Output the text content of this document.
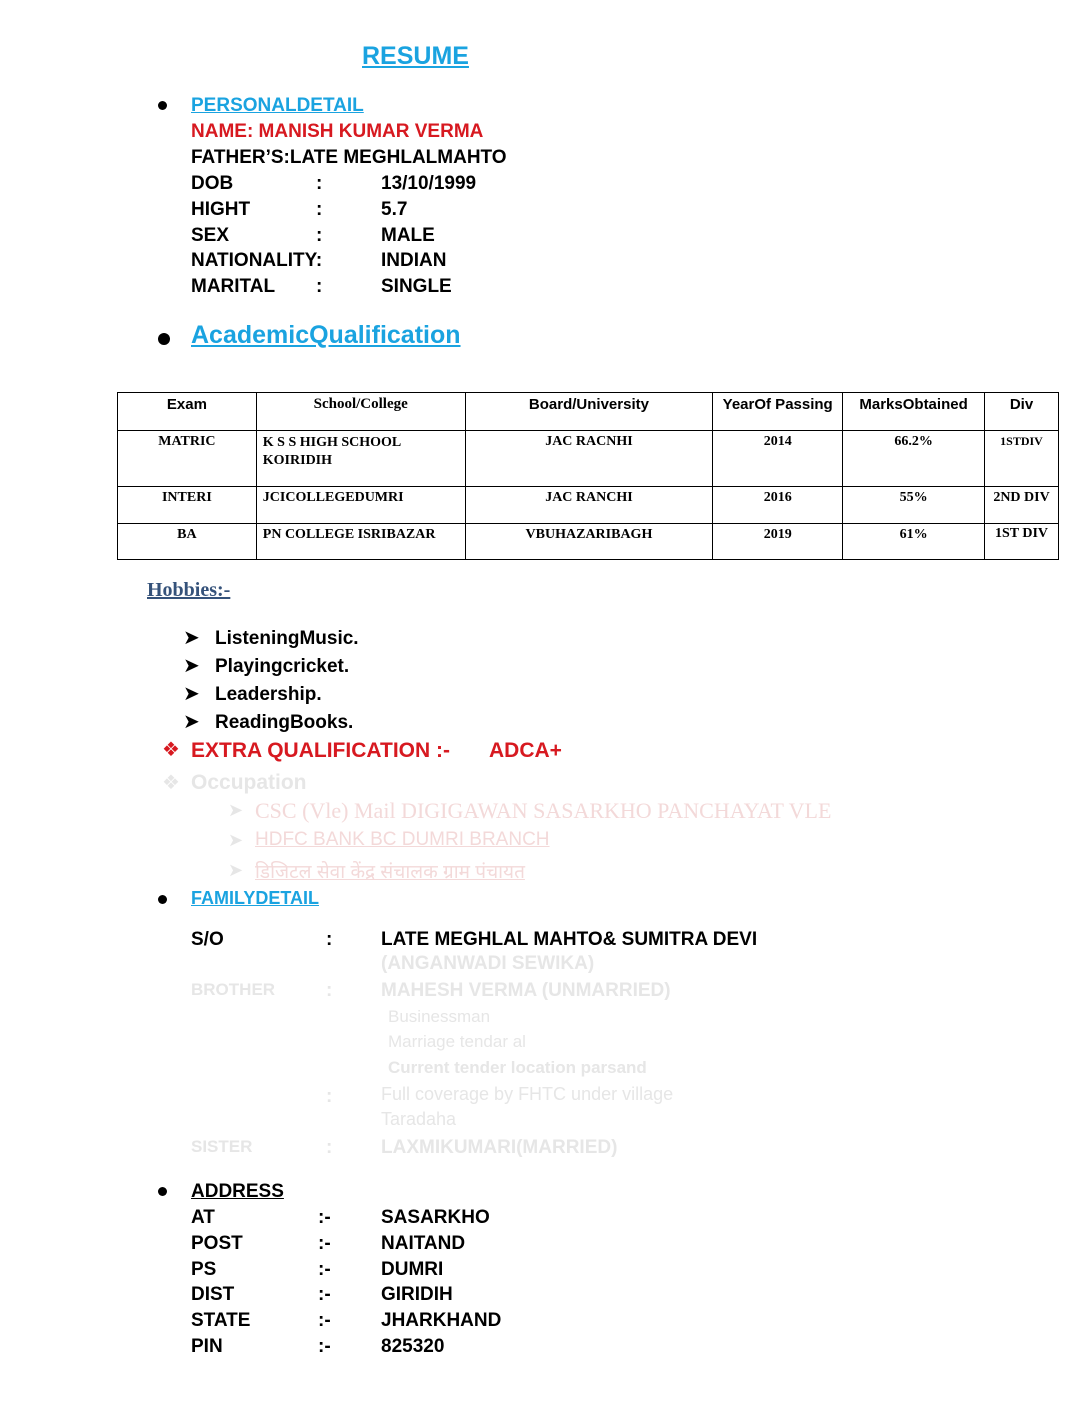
RESUME
PERSONALDETAIL
NAME: MANISH KUMAR VERMA
FATHER’S:LATE MEGHLALMAHTO
DOB	:	13/10/1999
HIGHT	:	5.7
SEX	:	MALE
NATIONALITY:	INDIAN
MARITAL :	SINGLE
AcademicQualification
Exam	School/College	Board/University	YearOf Passing	MarksObtained	Div
MATRIC	K S S HIGH SCHOOL KOIRIDIH	JAC RACNHI	2014	66.2%	1STDIV
INTERI	JCICOLLEGEDUMRI	JAC RANCHI	2016	55%	2ND DIV
BA	PN COLLEGE ISRIBAZAR	VBUHAZARIBAGH	2019	61%	1ST DIV
Hobbies:-
➤ ListeningMusic.
➤ Playingcricket.
➤ Leadership.
➤ ReadingBooks.
❖ EXTRA QUALIFICATION :- ADCA+
❖ Occupation
➤ CSC (Vle) Mail DIGIGAWAN SASARKHO PANCHAYAT VLE
➤ HDFC BANK BC DUMRI BRANCH
➤ डिजिटल सेवा केंद्र संचालक ग्राम पंचायत
FAMILYDETAIL
S/O	:	LATE MEGHLAL MAHTO& SUMITRA DEVI
(ANGANWADI SEWIKA)
BROTHER	:	MAHESH VERMA (UNMARRIED)
Businessman
Marriage tendar al
Current tender location parsand
:	Full coverage by FHTC under village
Taradaha
SISTER	:	LAXMIKUMARI(MARRIED)
ADDRESS
AT	:-	SASARKHO
POST	:-	NAITAND
PS	:-	DUMRI
DIST	:-	GIRIDIH
STATE	:-	JHARKHAND
PIN	:-	825320
